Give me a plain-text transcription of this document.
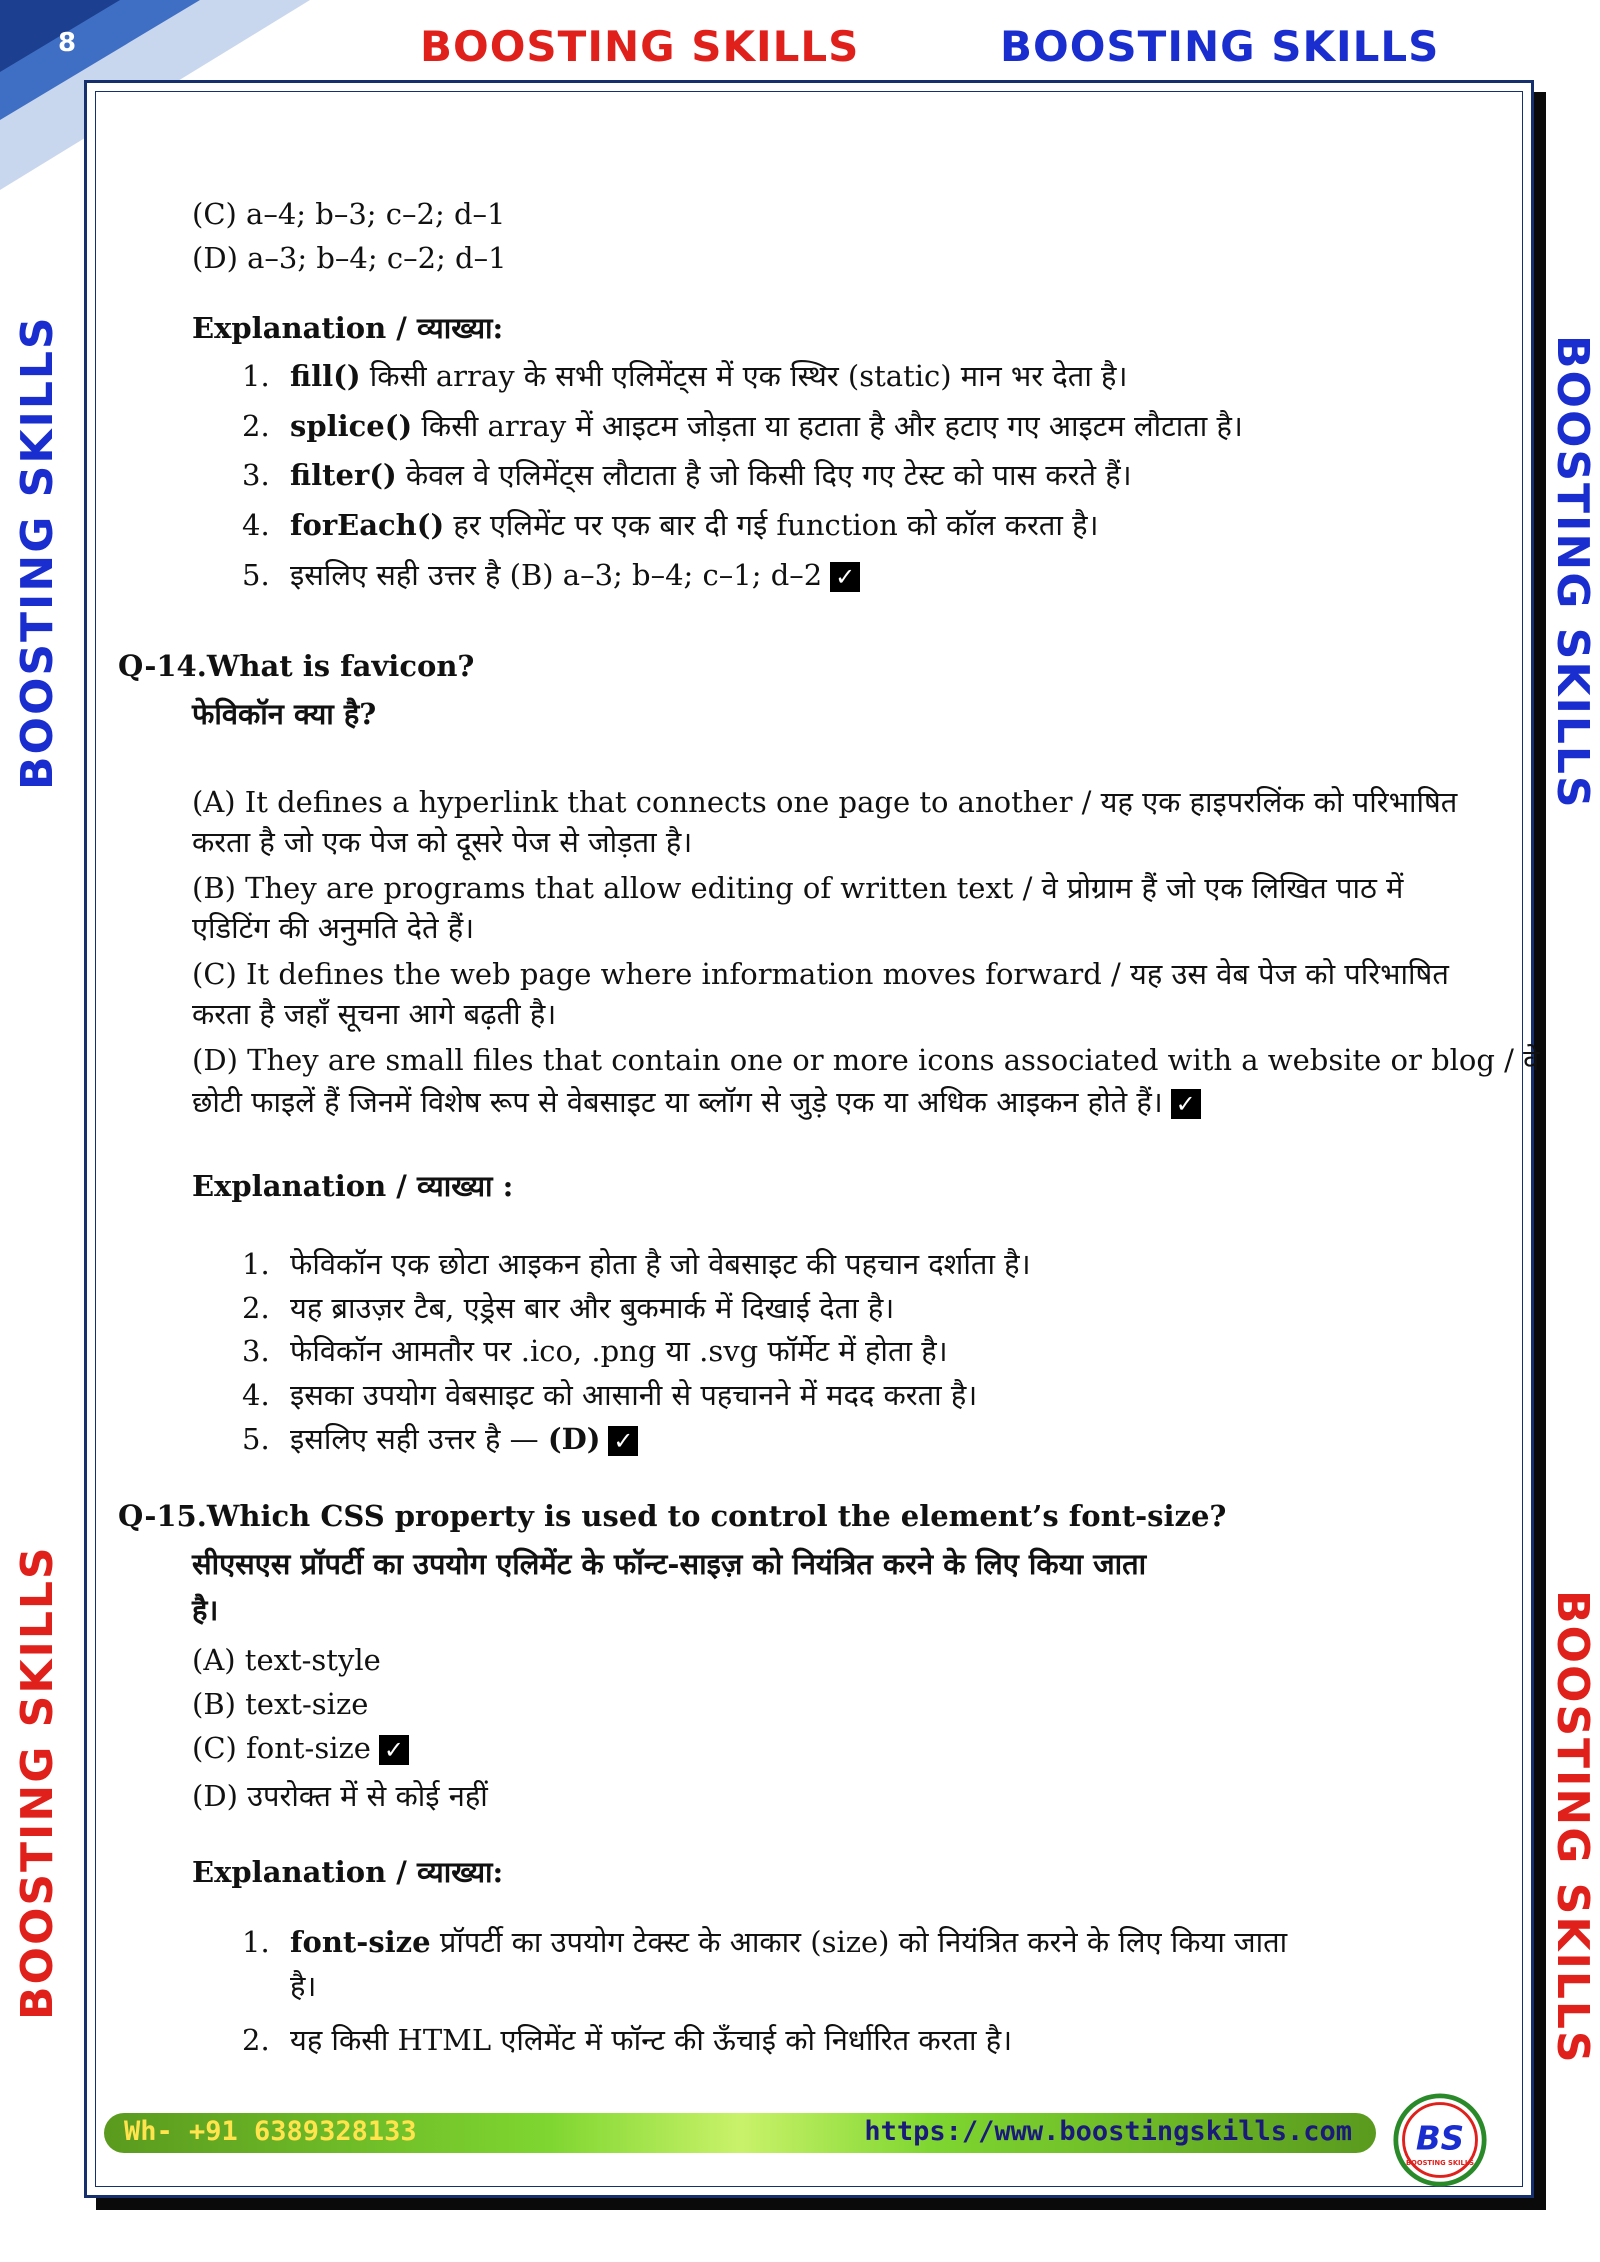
8	BOOSTING SKILLS	BOOSTING SKILLS
BOOSTING SKILLS
BOOSTING SKILLS
BOOSTING SKILLS
BOOSTING SKILLS
(C) a–4; b–3; c–2; d–1
(D) a–3; b–4; c–2; d–1
Explanation / व्याख्या:
1. fill() किसी array के सभी एलिमेंट्स में एक स्थिर (static) मान भर देता है।
2. splice() किसी array में आइटम जोड़ता या हटाता है और हटाए गए आइटम लौटाता है।
3. filter() केवल वे एलिमेंट्स लौटाता है जो किसी दिए गए टेस्ट को पास करते हैं।
4. forEach() हर एलिमेंट पर एक बार दी गई function को कॉल करता है।
5. इसलिए सही उत्तर है (B) a–3; b–4; c–1; d–2 ✓
Q-14.What is favicon?
फेविकॉन क्या है?
(A) It defines a hyperlink that connects one page to another / यह एक हाइपरलिंक को परिभाषित
करता है जो एक पेज को दूसरे पेज से जोड़ता है।
(B) They are programs that allow editing of written text / वे प्रोग्राम हैं जो एक लिखित पाठ में
एडिटिंग की अनुमति देते हैं।
(C) It defines the web page where information moves forward / यह उस वेब पेज को परिभाषित
करता है जहाँ सूचना आगे बढ़ती है।
(D) They are small files that contain one or more icons associated with a website or blog / वे
छोटी फाइलें हैं जिनमें विशेष रूप से वेबसाइट या ब्लॉग से जुड़े एक या अधिक आइकन होते हैं। ✓
Explanation / व्याख्या :
1. फेविकॉन एक छोटा आइकन होता है जो वेबसाइट की पहचान दर्शाता है।
2. यह ब्राउज़र टैब, एड्रेस बार और बुकमार्क में दिखाई देता है।
3. फेविकॉन आमतौर पर .ico, .png या .svg फॉर्मेट में होता है।
4. इसका उपयोग वेबसाइट को आसानी से पहचानने में मदद करता है।
5. इसलिए सही उत्तर है — (D) ✓
Q-15.Which CSS property is used to control the element’s font-size?
सीएसएस प्रॉपर्टी का उपयोग एलिमेंट के फॉन्ट-साइज़ को नियंत्रित करने के लिए किया जाता
है।
(A) text-style
(B) text-size
(C) font-size ✓
(D) उपरोक्त में से कोई नहीं
Explanation / व्याख्या:
1. font-size प्रॉपर्टी का उपयोग टेक्स्ट के आकार (size) को नियंत्रित करने के लिए किया जाता
है।
2. यह किसी HTML एलिमेंट में फॉन्ट की ऊँचाई को निर्धारित करता है।
Wh- +91 6389328133	https://www.boostingskills.com BS
BOOSTING SKILLS
